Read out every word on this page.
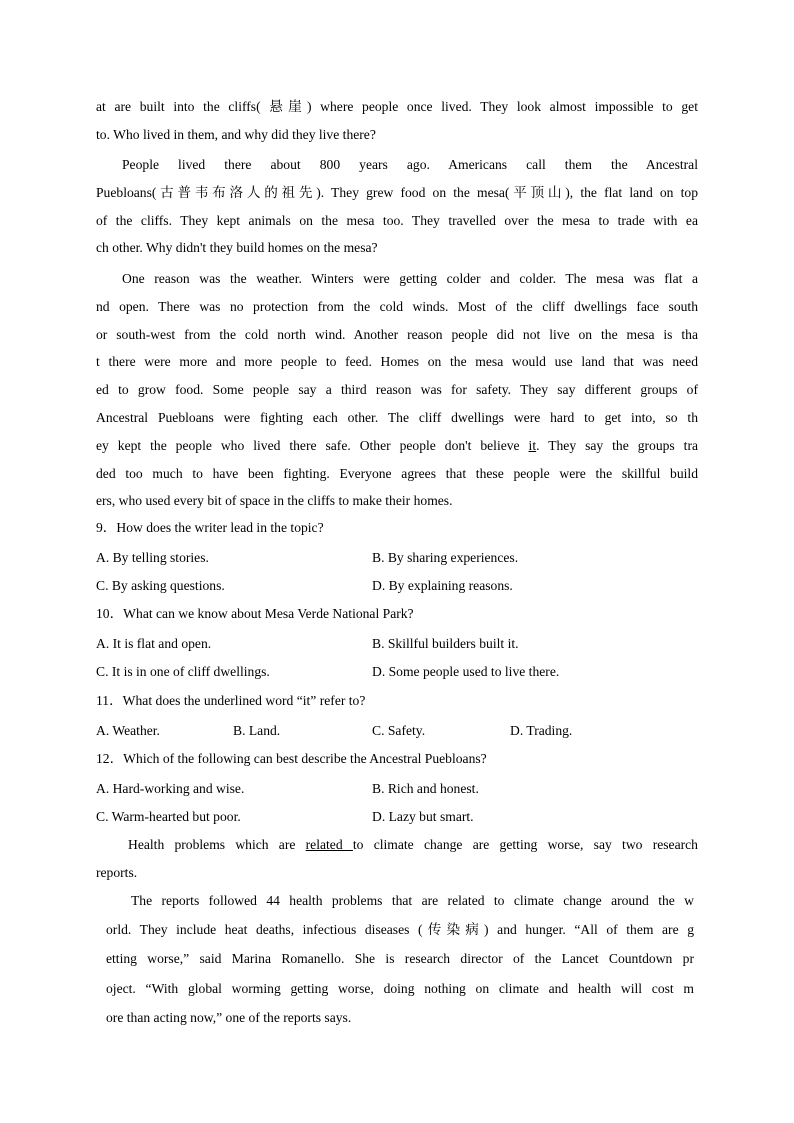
at are built into the cliffs( 悬崖) where people once lived. They look almost impossible to get
to. Who lived in them, and why did they live there?
People lived there about 800 years ago. Americans call them the Ancestral
Puebloans(古普韦布洛人的祖先). They grew food on the mesa(平顶山), the flat land on top
of the cliffs. They kept animals on the mesa too. They travelled over the mesa to trade with ea
ch other. Why didn't they build homes on the mesa?
One reason was the weather. Winters were getting colder and colder. The mesa was flat a
nd open. There was no protection from the cold winds. Most of the cliff dwellings face south
or south-west from the cold north wind. Another reason people did not live on the mesa is tha
t there were more and more people to feed. Homes on the mesa would use land that was need
ed to grow food. Some people say a third reason was for safety. They say different groups of
Ancestral Puebloans were fighting each other. The cliff dwellings were hard to get into, so th
ey kept the people who lived there safe. Other people don't believe it. They say the groups tra
ded too much to have been fighting. Everyone agrees that these people were the skillful build
ers, who used every bit of space in the cliffs to make their homes.

9．How does the writer lead in the topic?

A. By telling stories.	B. By sharing experiences.

C. By asking questions.	D. By explaining reasons.

10．What can we know about Mesa Verde National Park?

A. It is flat and open.	B. Skillful builders built it.

C. It is in one of cliff dwellings.	D. Some people used to live there.

11．What does the underlined word “it” refer to?

A. Weather.	B. Land.	C. Safety.	D. Trading.

12．Which of the following can best describe the Ancestral Puebloans?

A. Hard-working and wise.	B. Rich and honest.

C. Warm-hearted but poor.	D. Lazy but smart.

Health problems which are related to climate change are getting worse, say two research
reports.
The reports followed 44 health problems that are related to climate change around the w
orld. They include heat deaths, infectious diseases (传染病) and hunger. “All of them are g
etting worse,” said Marina Romanello. She is research director of the Lancet Countdown pr
oject. “With global worming getting worse, doing nothing on climate and health will cost m
ore than acting now,” one of the reports says.
